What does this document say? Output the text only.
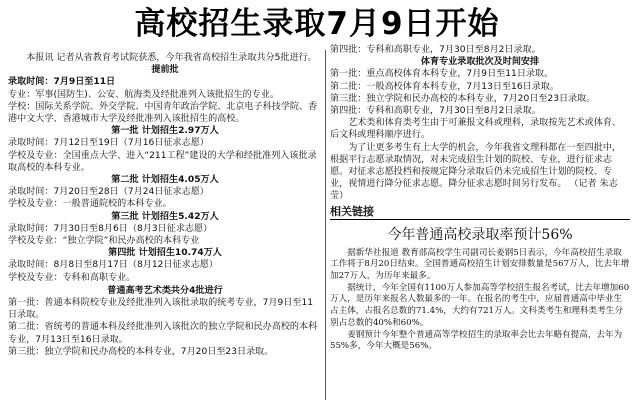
高校招生录取7月9日开始

本报讯 记者从省教育考试院获悉，今年我省高校招生录取共分5批进行。

提前批

录取时间：7月9日至11日

专业：军事(国防生)、公安、航海类及经批准列入该批招生的专业。

学校：国际关系学院、外交学院、中国青年政治学院、北京电子科技学院、香港中文大学、香港城市大学及经批准列入该批招生的高校。

第一批 计划招生2.97万人

录取时间：7月12日至19日（7月16日征求志愿）

学校及专业：全国重点大学、进入“211工程”建设的大学和经批准列入该批录取高校的本科专业。

第二批 计划招生4.05万人

录取时间：7月20日至28日（7月24日征求志愿）

学校及专业：一般普通院校的本科专业。

第三批 计划招生5.42万人

录取时间：7月30日至8月6日（8月3日征求志愿）

学校及专业：“独立学院”和民办高校的本科专业

第四批 计划招生10.74万人

录取时间：8月8日至8月17日（8月12日征求志愿）

学校及专业：专科和高职专业。

普通高考艺术类共分4批进行

第一批：普通本科院校专业及经批准列入该批录取的统考专业，7月9日至11日录取。

第二批：省统考的普通本科及经批准列入该批次的独立学院和民办高校的本科专业，7月13日至16日录取。

第三批：独立学院和民办高校的本科专业，7月20日至23日录取。

第四批：专科和高职专业，7月30日至8月2日录取。

体育专业录取批次及时间安排

第一批：重点高校体育本科专业，7月9日至11日录取。

第二批：一般高校体育本科专业，7月13日至16日录取。

第三批：独立学院和民办高校的本科专业，7月20日至23日录取。

第四批：专科和高职专业，7月30日至8月2日录取。

艺术类和体育类考生由于可兼报文科或理科，录取按先艺术或体育、后文科或理科顺序进行。

为了让更多考生有上大学的机会，今年我省文理科都在一至四批中，根据平行志愿录取情况，对未完成招生计划的院校、专业，进行征求志愿。对征求志愿投档和按规定降分录取后仍未完成招生计划的院校、专业，视情进行降分征求志愿。降分征求志愿时间另行发布。 （记者 朱志莹）

相关链接
今年普通高校录取率预计56%

据新华社报道 教育部高校学生司副司长姜钢5日表示，今年高校招生录取工作将于8月20日结束。全国普通高校招生计划安排数量是567万人，比去年增加27万人，为历年来最多。

据统计，今年全国有1100万人参加高等学校招生报名考试，比去年增加60万人，是历年来报名人数最多的一年。在报名的考生中，应届普通高中毕业生占主体，占报名总数的71.4%，大约有721万人。文科类考生和理科类考生分别占总数的40%和60%。

姜钢预计今年整个普通高等学校招生的录取率会比去年略有提高，去年为55%多，今年大概是56%。
